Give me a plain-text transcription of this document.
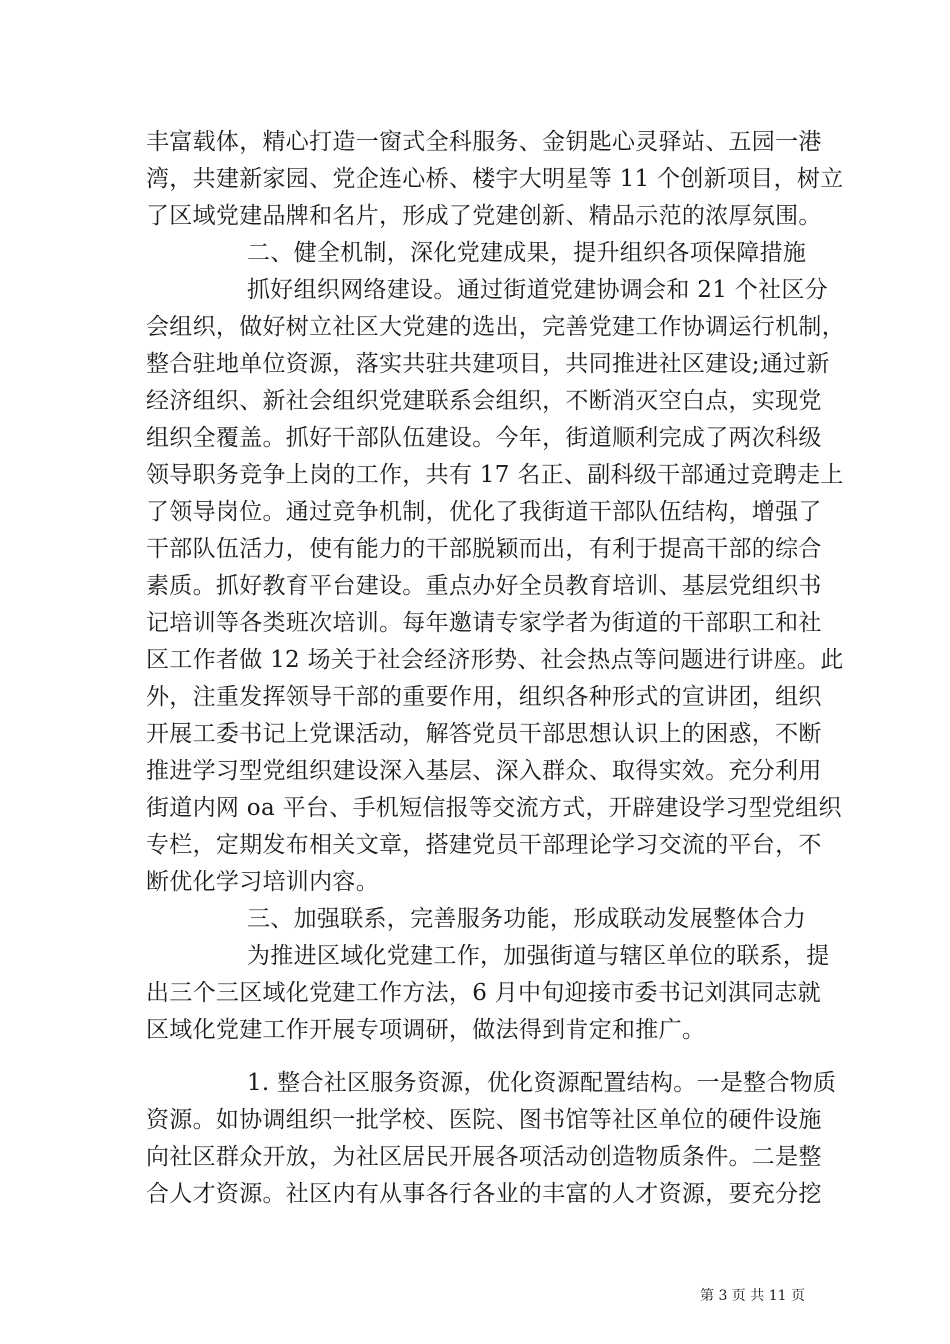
丰富载体，精心打造一窗式全科服务、金钥匙心灵驿站、五园一港
湾，共建新家园、党企连心桥、楼宇大明星等 11 个创新项目，树立
了区域党建品牌和名片，形成了党建创新、精品示范的浓厚氛围。
二、健全机制，深化党建成果，提升组织各项保障措施
抓好组织网络建设。通过街道党建协调会和 21 个社区分
会组织，做好树立社区大党建的选出，完善党建工作协调运行机制，
整合驻地单位资源，落实共驻共建项目，共同推进社区建设;通过新
经济组织、新社会组织党建联系会组织，不断消灭空白点，实现党
组织全覆盖。抓好干部队伍建设。今年，街道顺利完成了两次科级
领导职务竞争上岗的工作，共有 17 名正、副科级干部通过竞聘走上
了领导岗位。通过竞争机制，优化了我街道干部队伍结构，增强了
干部队伍活力，使有能力的干部脱颖而出，有利于提高干部的综合
素质。抓好教育平台建设。重点办好全员教育培训、基层党组织书
记培训等各类班次培训。每年邀请专家学者为街道的干部职工和社
区工作者做 12 场关于社会经济形势、社会热点等问题进行讲座。此
外，注重发挥领导干部的重要作用，组织各种形式的宣讲团，组织
开展工委书记上党课活动，解答党员干部思想认识上的困惑，不断
推进学习型党组织建设深入基层、深入群众、取得实效。充分利用
街道内网 oa 平台、手机短信报等交流方式，开辟建设学习型党组织
专栏，定期发布相关文章，搭建党员干部理论学习交流的平台，不
断优化学习培训内容。
三、加强联系，完善服务功能，形成联动发展整体合力
为推进区域化党建工作，加强街道与辖区单位的联系，提
出三个三区域化党建工作方法，6 月中旬迎接市委书记刘淇同志就
区域化党建工作开展专项调研，做法得到肯定和推广。
1. 整合社区服务资源，优化资源配置结构。一是整合物质
资源。如协调组织一批学校、医院、图书馆等社区单位的硬件设施
向社区群众开放，为社区居民开展各项活动创造物质条件。二是整
合人才资源。社区内有从事各行各业的丰富的人才资源，要充分挖
第 3 页 共 11 页
